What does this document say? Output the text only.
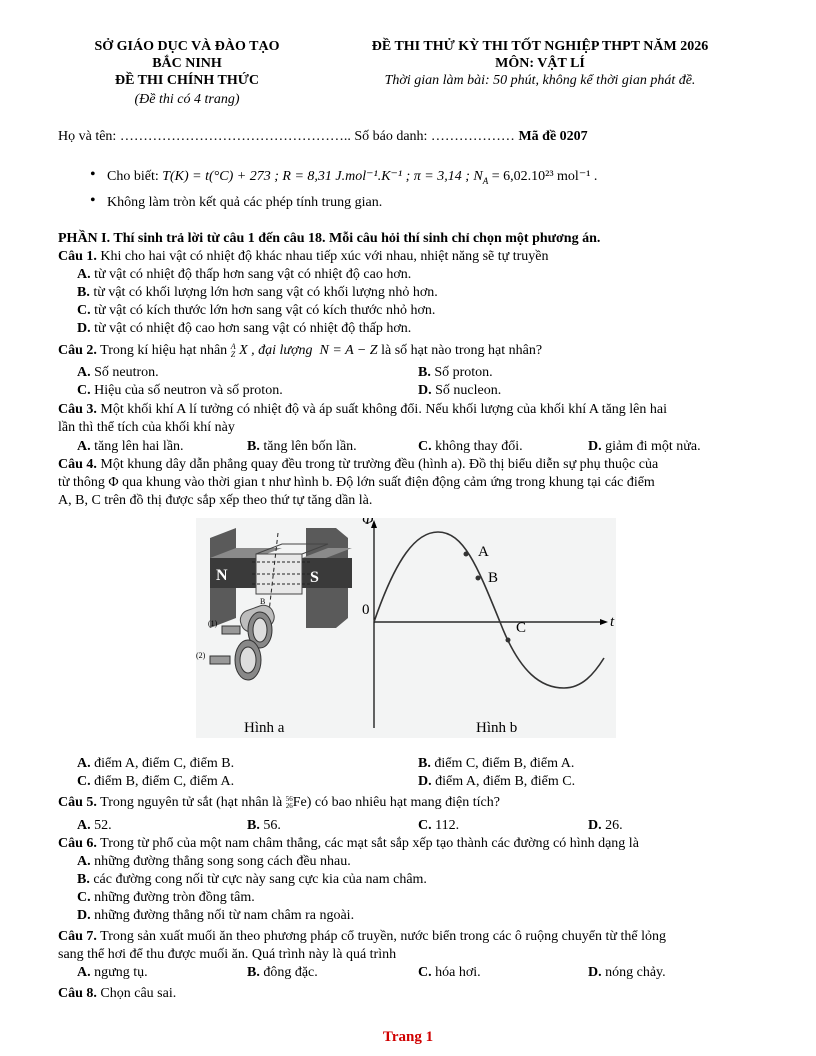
SỞ GIÁO DỤC VÀ ĐÀO TẠO
BẮC NINH
ĐỀ THI CHÍNH THỨC
(Đề thi có 4 trang)
ĐỀ THI THỬ KỲ THI TỐT NGHIỆP THPT NĂM 2026
MÔN: VẬT LÍ
Thời gian làm bài: 50 phút, không kể thời gian phát đề.
Họ và tên: ………………………………………….. Số báo danh: ……………… Mã đề 0207
• Cho biết: T(K) = t(°C) + 273 ; R = 8,31 J.mol⁻¹.K⁻¹ ; π = 3,14 ; $N_A = 6,02.10^{23}$ mol⁻¹ .
• Không làm tròn kết quả các phép tính trung gian.
PHẦN I. Thí sinh trả lời từ câu 1 đến câu 18. Mỗi câu hỏi thí sinh chỉ chọn một phương án.
Câu 1. Khi cho hai vật có nhiệt độ khác nhau tiếp xúc với nhau, nhiệt năng sẽ tự truyền
A. từ vật có nhiệt độ thấp hơn sang vật có nhiệt độ cao hơn.
B. từ vật có khối lượng lớn hơn sang vật có khối lượng nhỏ hơn.
C. từ vật có kích thước lớn hơn sang vật có kích thước nhỏ hơn.
D. từ vật có nhiệt độ cao hơn sang vật có nhiệt độ thấp hơn.
Câu 2. Trong kí hiệu hạt nhân A
Z X , đại lượng  N = A − Z là số hạt nào trong hạt nhân?
A. Số neutron.	B. Số proton.
C. Hiệu của số neutron và số proton.	D. Số nucleon.
Câu 3. Một khối khí A lí tưởng có nhiệt độ và áp suất không đổi. Nếu khối lượng của khối khí A tăng lên hai
lần thì thể tích của khối khí này
A. tăng lên hai lần.	B. tăng lên bốn lần.	C. không thay đổi.	D. giảm đi một nửa.
Câu 4. Một khung dây dẫn phẳng quay đều trong từ trường đều (hình a). Đồ thị biểu diễn sự phụ thuộc của
từ thông Φ qua khung vào thời gian t như hình b. Độ lớn suất điện động cảm ứng trong khung tại các điểm
A, B, C trên đồ thị được sắp xếp theo thứ tự tăng dần là.
N	S
B
(1)
(2)
Φ
t
0
A
B
C
Hình a	Hình b
A. điểm A, điểm C, điểm B.	B. điểm C, điểm B, điểm A.
C. điểm B, điểm C, điểm A.	D. điểm A, điểm B, điểm C.
Câu 5. Trong nguyên tử sắt (hạt nhân là 56
26 Fe) có bao nhiêu hạt mang điện tích?
A. 52.	B. 56.	C. 112.	D. 26.
Câu 6. Trong từ phổ của một nam châm thẳng, các mạt sắt sắp xếp tạo thành các đường có hình dạng là
A. những đường thẳng song song cách đều nhau.
B. các đường cong nối từ cực này sang cực kia của nam châm.
C. những đường tròn đồng tâm.
D. những đường thẳng nối từ nam châm ra ngoài.
Câu 7. Trong sản xuất muối ăn theo phương pháp cổ truyền, nước biển trong các ô ruộng chuyển từ thể lỏng
sang thể hơi để thu được muối ăn. Quá trình này là quá trình
A. ngưng tụ.	B. đông đặc.	C. hóa hơi.	D. nóng chảy.
Câu 8. Chọn câu sai.
Trang 1
